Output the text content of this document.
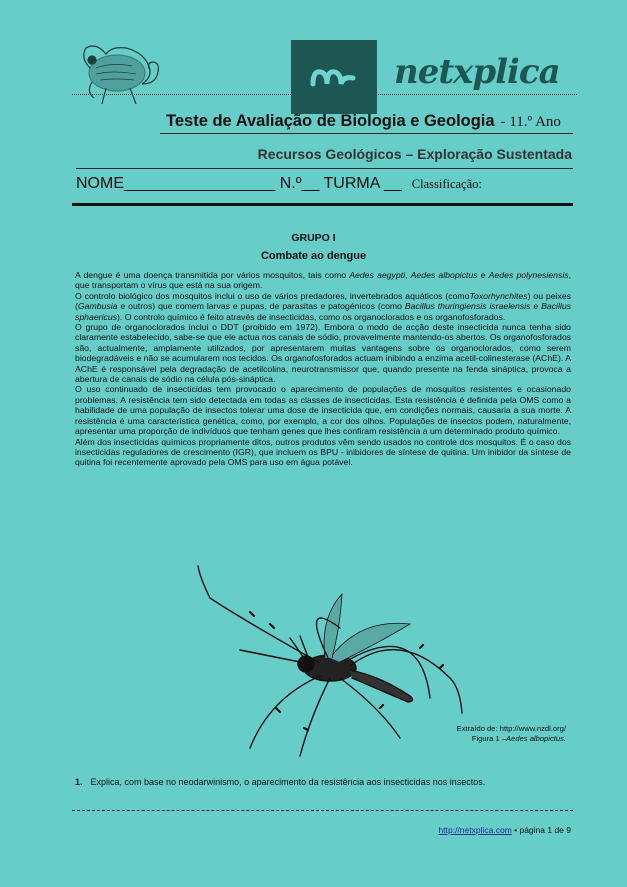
netxplica
Teste de Avaliação de Biologia e Geologia - 11.º Ano
Recursos Geológicos – Exploração Sustentada
NOME_________________ N.º__ TURMA __ Classificação:
GRUPO I
Combate ao dengue

A dengue é uma doença transmitida por vários mosquitos, tais como Aedes aegypti, Aedes albopictus e Aedes polynesiensis, que transportam o vírus que está na sua origem.

O controlo biológico dos mosquitos inclui o uso de vários predadores, invertebrados aquáticos (comoToxorhynchites) ou peixes (Gambusia e outros) que comem larvas e pupas, de parasitas e patogénicos (como Bacillus thuringiensis israelensis e Bacillus sphaericus). O controlo químico é feito através de insecticidas, como os organoclorados e os organofosforados.

O grupo de organoclorados inclui o DDT (proibido em 1972). Embora o modo de acção deste insecticida nunca tenha sido claramente estabelecido, sabe-se que ele actua nos canais de sódio, provavelmente mantendo-os abertos. Os organofosforados são, actualmente, amplamente utilizados, por apresentarem muitas vantagens sobre os organoclorados, como serem biodegradáveis e não se acumularem nos tecidos. Os organofosforados actuam inibindo a enzima acetil-colinesterase (AChE). A AChE é responsável pela degradação de acetilcolina, neurotransmissor que, quando presente na fenda sináptica, provoca a abertura de canais de sódio na célula pós-sináptica.

O uso continuado de insecticidas tem provocado o aparecimento de populações de mosquitos resistentes e ocasionado problemas. A resistência tem sido detectada em todas as classes de insecticidas. Esta resistência é definida pela OMS como a habilidade de uma população de insectos tolerar uma dose de insecticida que, em condições normais, causaria a sua morte. A resistência é uma característica genética, como, por exemplo, a cor dos olhos. Populações de insectos podem, naturalmente, apresentar uma proporção de indivíduos que tenham genes que lhes confiram resistência a um determinado produto químico.

Além dos insecticidas químicos propriamente ditos, outros produtos vêm sendo usados no controle dos mosquitos. É o caso dos insecticidas reguladores de crescimento (IGR), que incluem os BPU - inibidores de síntese de quitina. Um inibidor da síntese de quitina foi recentemente aprovado pela OMS para uso em água potável.

Extraído de: http://www.nzdl.org/
Figura 1 –Aedes albopictus.
1. Explica, com base no neodarwinismo, o aparecimento da resistência aos insecticidas nos insectos.
http://netxplica.com • página 1 de 9
